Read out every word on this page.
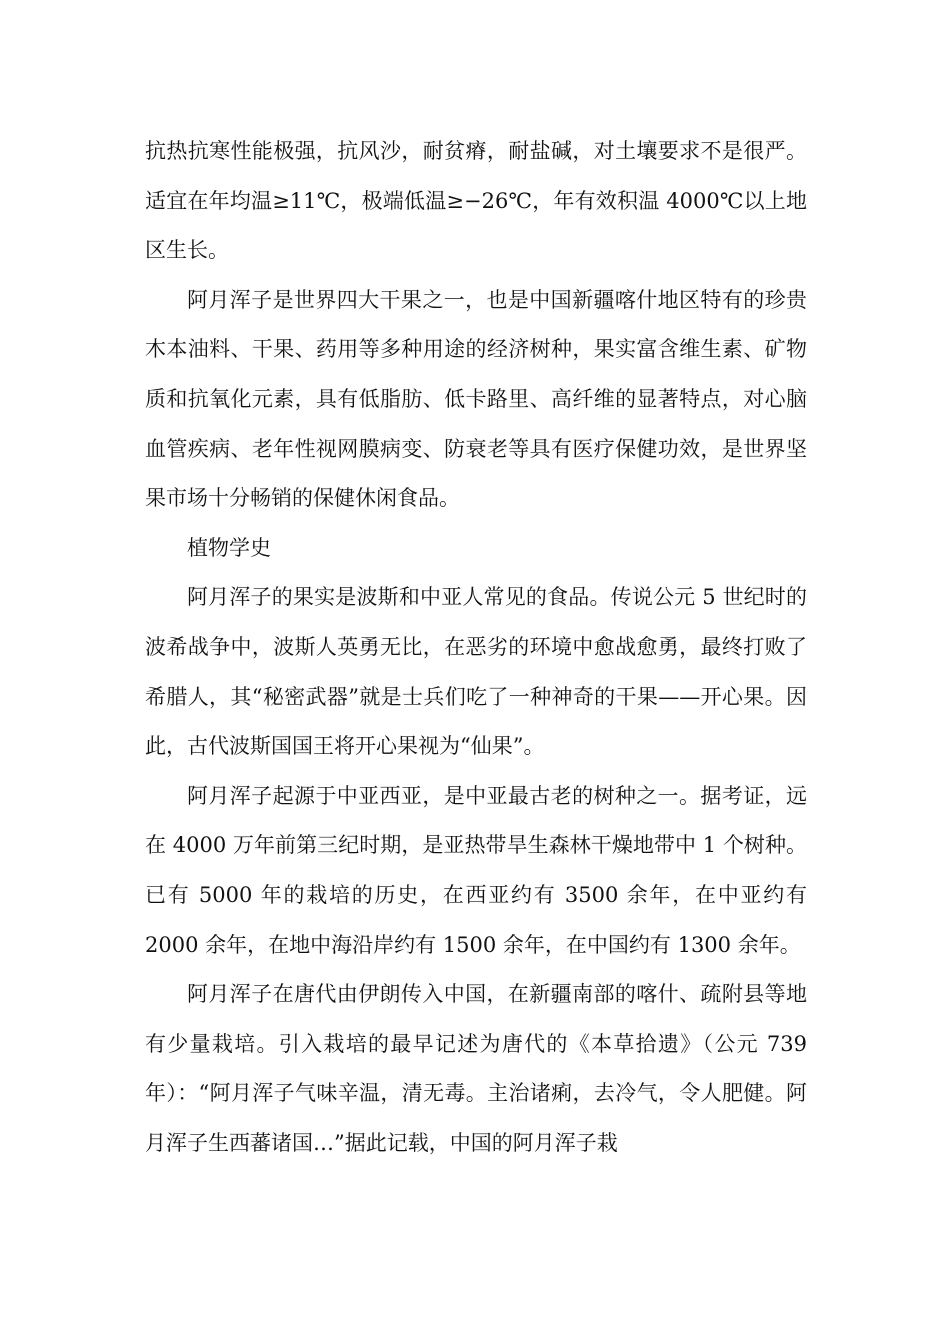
抗热抗寒性能极强，抗风沙，耐贫瘠，耐盐碱，对土壤要求不是很严。适宜在年均温≥11℃，极端低温≥−26℃，年有效积温 4000℃以上地区生长。

阿月浑子是世界四大干果之一，也是中国新疆喀什地区特有的珍贵木本油料、干果、药用等多种用途的经济树种，果实富含维生素、矿物质和抗氧化元素，具有低脂肪、低卡路里、高纤维的显著特点，对心脑血管疾病、老年性视网膜病变、防衰老等具有医疗保健功效，是世界坚果市场十分畅销的保健休闲食品。

植物学史

阿月浑子的果实是波斯和中亚人常见的食品。传说公元 5 世纪时的波希战争中，波斯人英勇无比，在恶劣的环境中愈战愈勇，最终打败了希腊人，其“秘密武器”就是士兵们吃了一种神奇的干果——开心果。因此，古代波斯国国王将开心果视为“仙果”。

阿月浑子起源于中亚西亚，是中亚最古老的树种之一。据考证，远在 4000 万年前第三纪时期，是亚热带旱生森林干燥地带中 1 个树种。已有 5000 年的栽培的历史，在西亚约有 3500 余年，在中亚约有 2000 余年，在地中海沿岸约有 1500 余年，在中国约有 1300 余年。

阿月浑子在唐代由伊朗传入中国，在新疆南部的喀什、疏附县等地有少量栽培。引入栽培的最早记述为唐代的《本草拾遗》（公元 739 年）：“阿月浑子气味辛温，清无毒。主治诸痢，去冷气，令人肥健。阿月浑子生西蕃诸国…”据此记载，中国的阿月浑子栽
